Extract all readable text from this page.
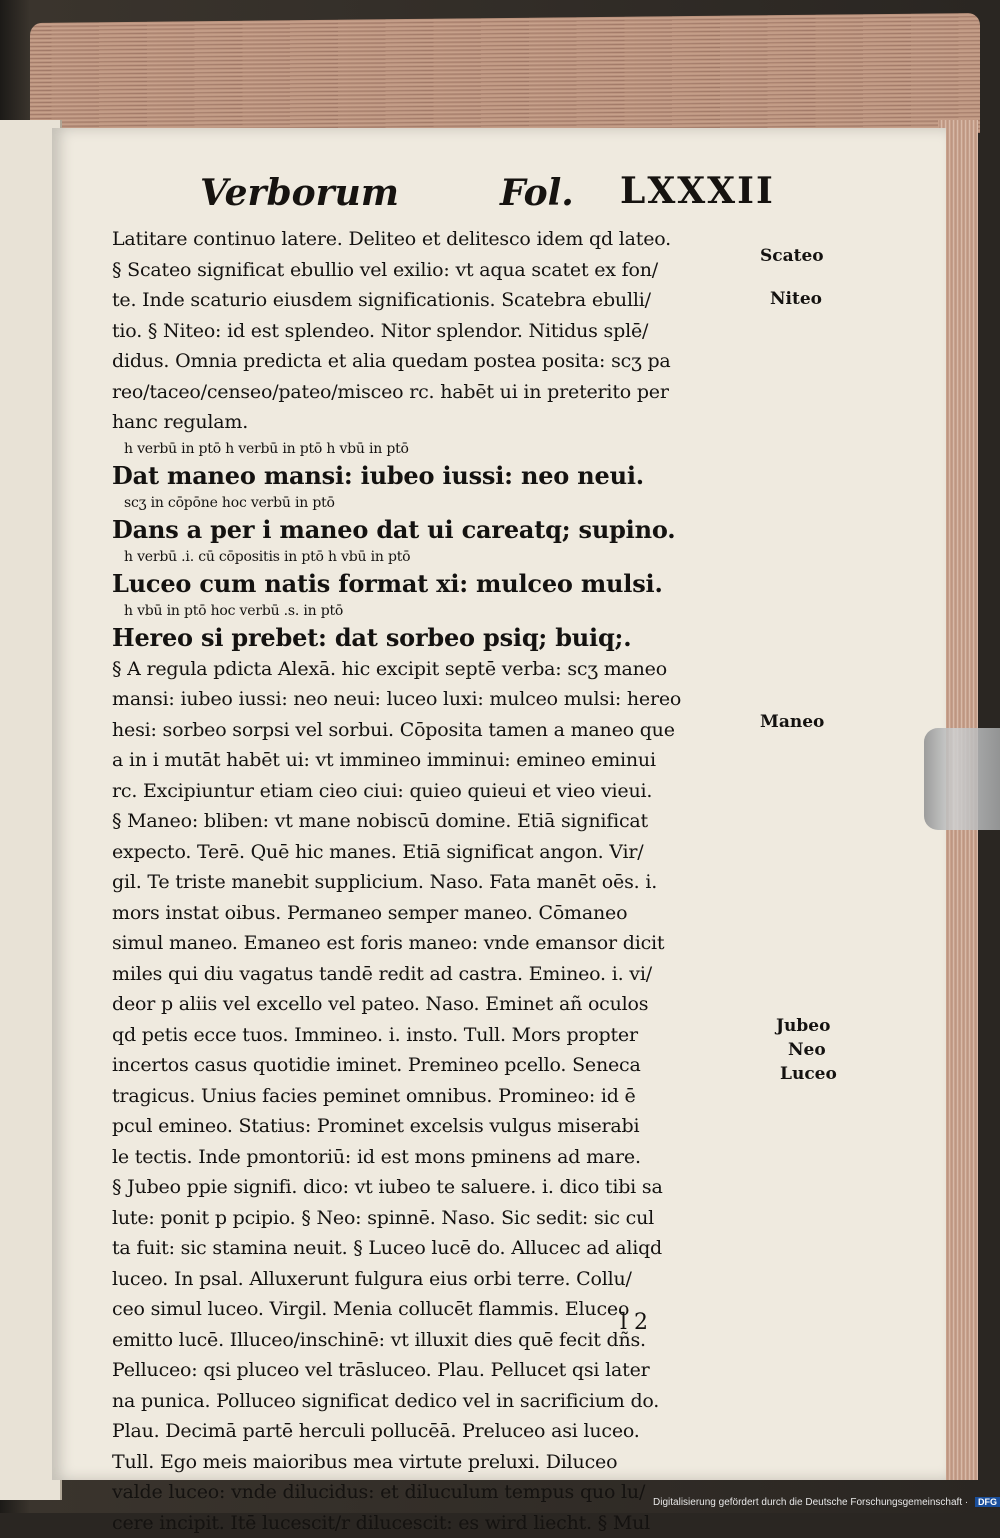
Verborum	Fol. LXXXII
Latitare continuo latere. Deliteo et delitesco idem qd lateo.
§ Scateo significat ebullio vel exilio: vt aqua scatet ex fon/
te. Inde scaturio eiusdem significationis. Scatebra ebulli/
tio. § Niteo: id est splendeo. Nitor splendor. Nitidus splē/
didus. Omnia predicta et alia quedam postea posita: scʒ pa
reo/taceo/censeo/pateo/misceo rc. habēt ui in preterito per
hanc regulam.
h verbū in ptō h verbū in ptō h vbū in ptō
Dat maneo mansi: iubeo iussi: neo neui.
scʒ in cōpōne hoc verbū in ptō
Dans a per i maneo dat ui careatq; supino.
h verbū .i. cū cōpositis in ptō h vbū in ptō
Luceo cum natis format xi: mulceo mulsi.
h vbū in ptō hoc verbū .s. in ptō
Hereo si prebet: dat sorbeo psiq; buiq;.
§ A regula pdicta Alexā. hic excipit septē verba: scʒ maneo
mansi: iubeo iussi: neo neui: luceo luxi: mulceo mulsi: hereo
hesi: sorbeo sorpsi vel sorbui. Cōposita tamen a maneo que
a in i mutāt habēt ui: vt immineo imminui: emineo eminui
rc. Excipiuntur etiam cieo ciui: quieo quieui et vieo vieui.
§ Maneo: bliben: vt mane nobiscū domine. Etiā significat
expecto. Terē. Quē hic manes. Etiā significat angon. Vir/
gil. Te triste manebit supplicium. Naso. Fata manēt oēs. i.
mors instat oibus. Permaneo semper maneo. Cōmaneo
simul maneo. Emaneo est foris maneo: vnde emansor dicit
miles qui diu vagatus tandē redit ad castra. Emineo. i. vi/
deor p aliis vel excello vel pateo. Naso. Eminet añ oculos
qd petis ecce tuos. Immineo. i. insto. Tull. Mors propter
incertos casus quotidie iminet. Premineo pcello. Seneca
tragicus. Unius facies peminet omnibus. Promineo: id ē
pcul emineo. Statius: Prominet excelsis vulgus miserabi
le tectis. Inde pmontoriū: id est mons pminens ad mare.
§ Jubeo ppie signifi. dico: vt iubeo te saluere. i. dico tibi sa
lute: ponit p pcipio. § Neo: spinnē. Naso. Sic sedit: sic cul
ta fuit: sic stamina neuit. § Luceo lucē do. Allucec ad aliqd
luceo. In psal. Alluxerunt fulgura eius orbi terre. Collu/
ceo simul luceo. Virgil. Menia collucēt flammis. Eluceo
emitto lucē. Illuceo/inschinē: vt illuxit dies quē fecit dñs.
Pelluceo: qsi pluceo vel trāsluceo. Plau. Pellucet qsi later
na punica. Polluceo significat dedico vel in sacrificium do.
Plau. Decimā partē herculi pollucēā. Preluceo asi luceo.
Tull. Ego meis maioribus mea virtute preluxi. Diluceo
valde luceo: vnde dilucidus: et diluculum tempus quo lu/
cere incipit. Itē lucescit/r dilucescit: es wird liecht. § Mul
Scateo
Niteo
Maneo
Jubeo
Neo
Luceo
l 2
Digitalisierung gefördert durch die Deutsche Forschungsgemeinschaft · DFG
